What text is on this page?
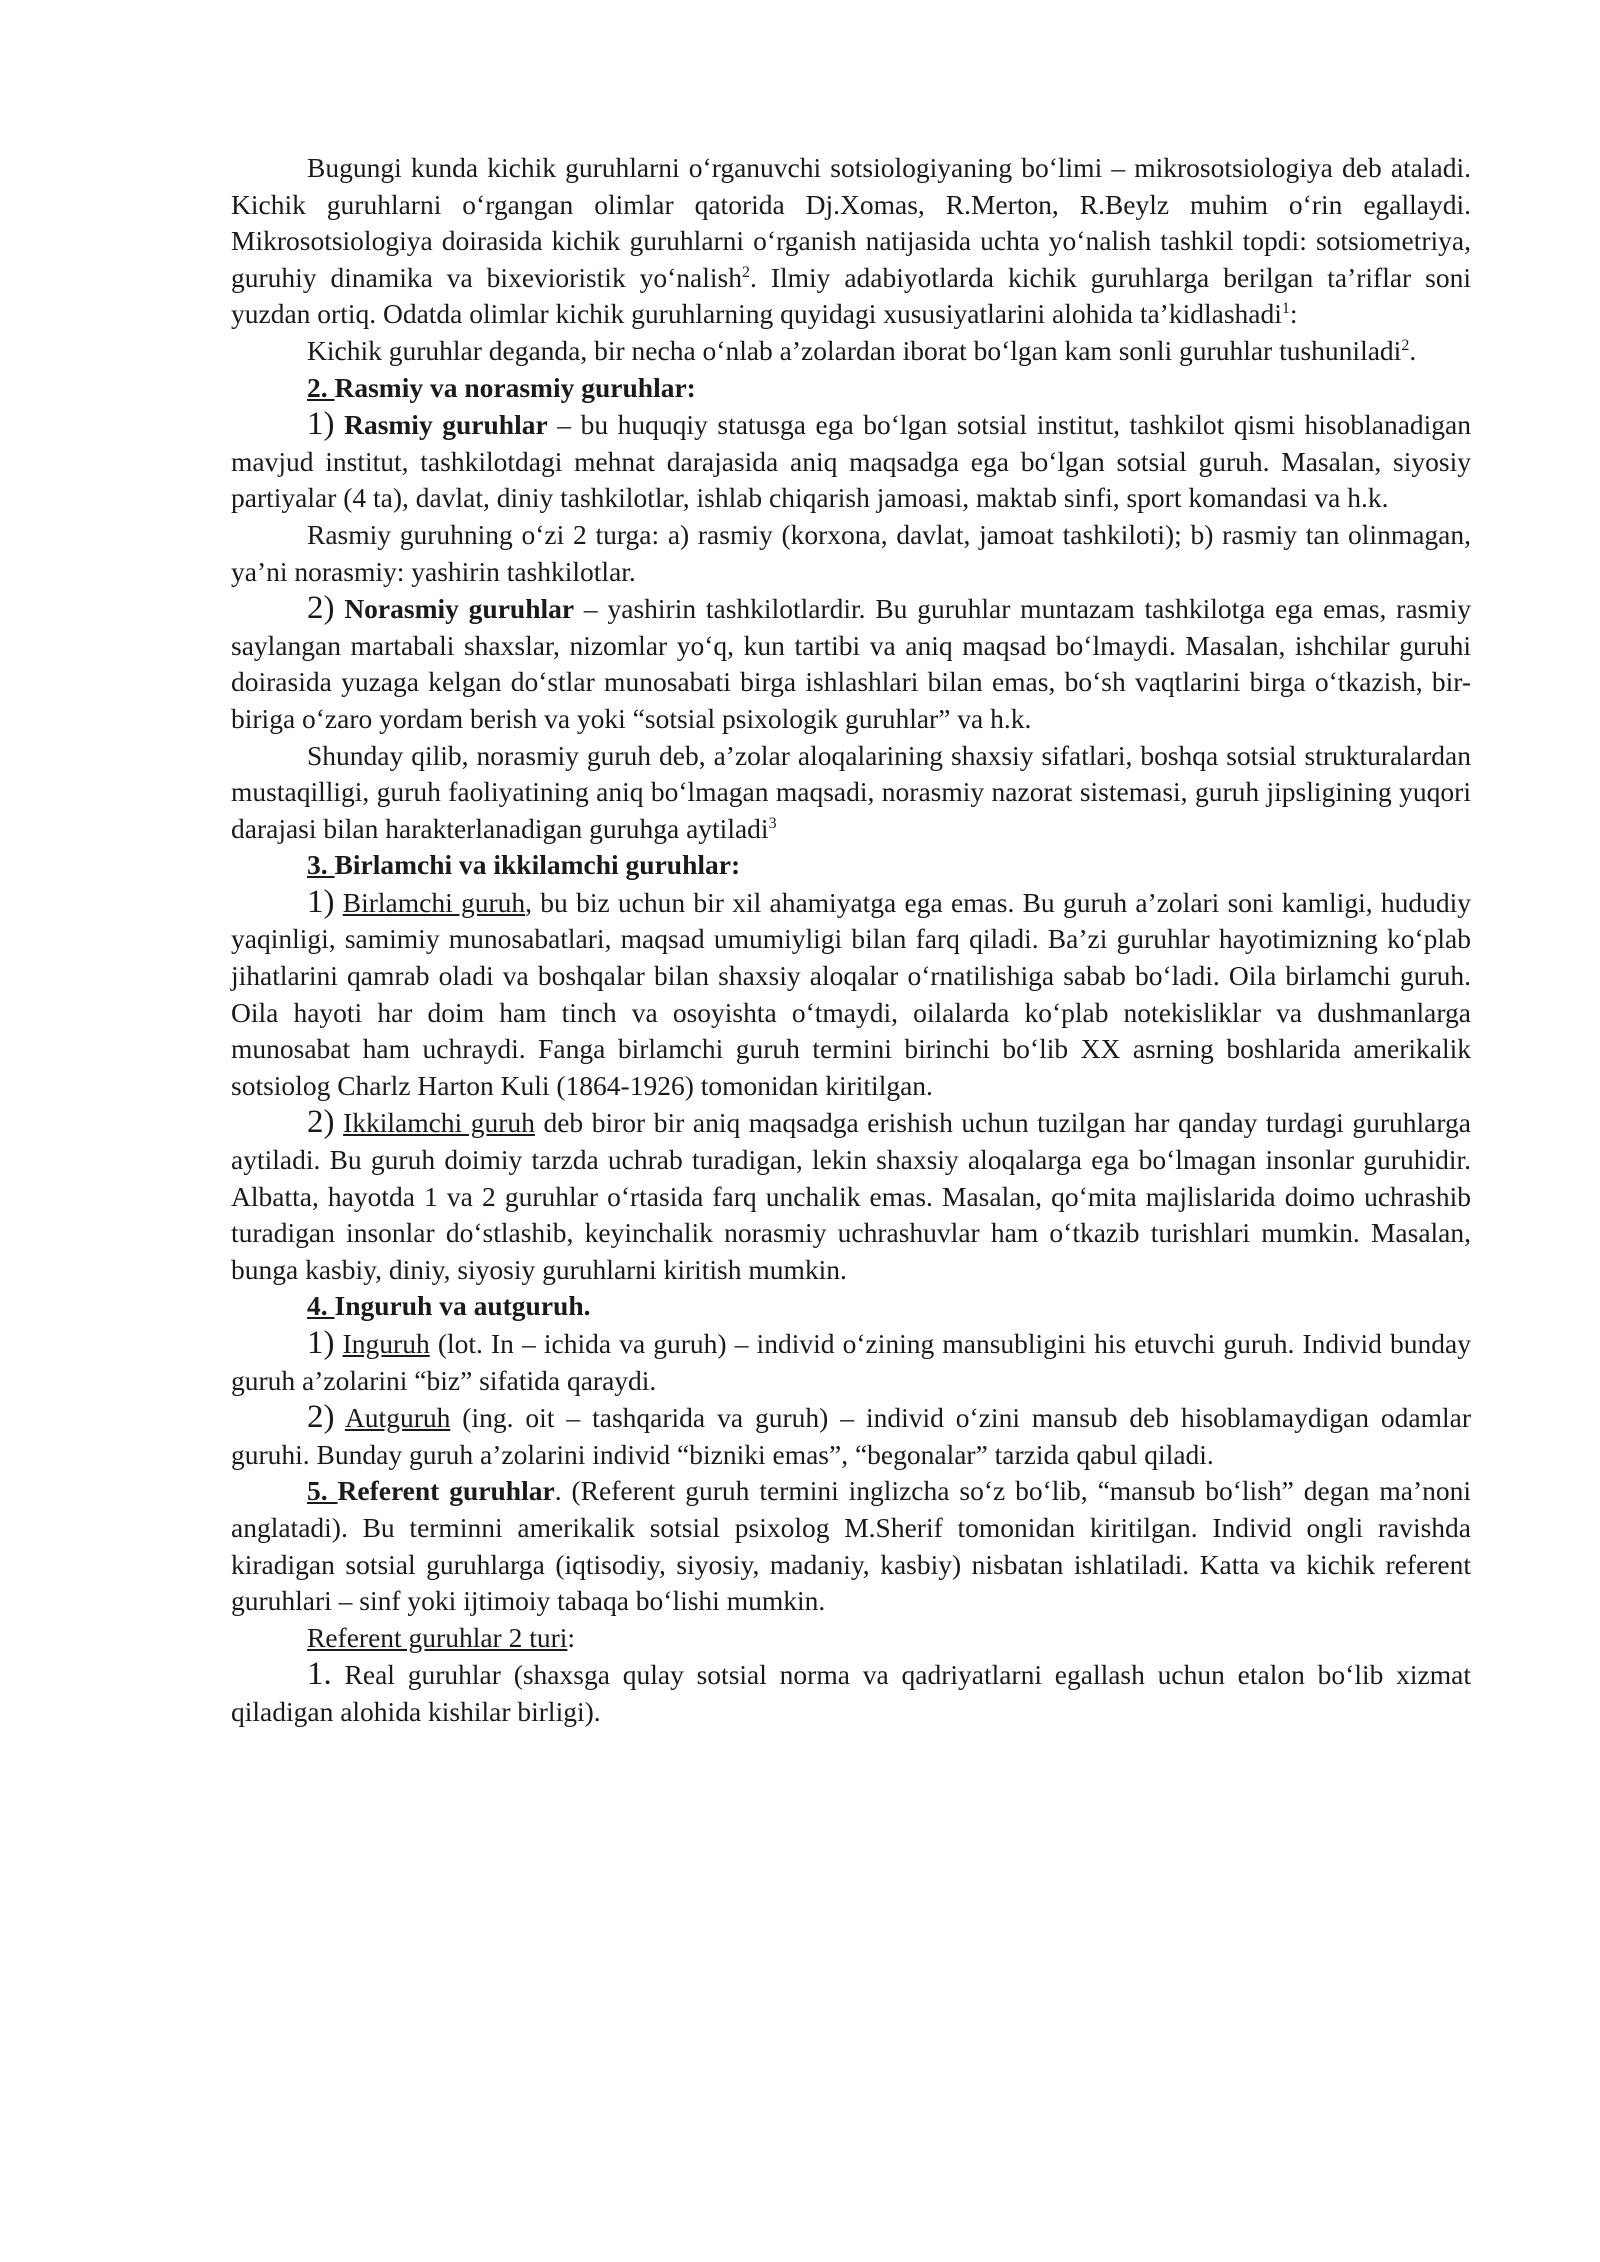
Bugungi kunda kichik guruhlarni o‘rganuvchi sotsiologiyaning bo‘limi – mikrosotsiologiya deb ataladi. Kichik guruhlarni o‘rgangan olimlar qatorida Dj.Xomas, R.Merton, R.Beylz muhim o‘rin egallaydi. Mikrosotsiologiya doirasida kichik guruhlarni o‘rganish natijasida uchta yo‘nalish tashkil topdi: sotsiometriya, guruhiy dinamika va bixevioristik yo‘nalish$^2$. Ilmiy adabiyotlarda kichik guruhlarga berilgan ta’riflar soni yuzdan ortiq. Odatda olimlar kichik guruhlarning quyidagi xususiyatlarini alohida ta’kidlashadi$^1$:

Kichik guruhlar deganda, bir necha o‘nlab a’zolardan iborat bo‘lgan kam sonli guruhlar tushuniladi$^2$.

2. Rasmiy va norasmiy guruhlar:

1) Rasmiy guruhlar – bu huquqiy statusga ega bo‘lgan sotsial institut, tashkilot qismi hisoblanadigan mavjud institut, tashkilotdagi mehnat darajasida aniq maqsadga ega bo‘lgan sotsial guruh. Masalan, siyosiy partiyalar (4 ta), davlat, diniy tashkilotlar, ishlab chiqarish jamoasi, maktab sinfi, sport komandasi va h.k.

Rasmiy guruhning o‘zi 2 turga: a) rasmiy (korxona, davlat, jamoat tashkiloti); b) rasmiy tan olinmagan, ya’ni norasmiy: yashirin tashkilotlar.

2) Norasmiy guruhlar – yashirin tashkilotlardir. Bu guruhlar muntazam tashkilotga ega emas, rasmiy saylangan martabali shaxslar, nizomlar yo‘q, kun tartibi va aniq maqsad bo‘lmaydi. Masalan, ishchilar guruhi doirasida yuzaga kelgan do‘stlar munosabati birga ishlashlari bilan emas, bo‘sh vaqtlarini birga o‘tkazish, bir-biriga o‘zaro yordam berish va yoki “sotsial psixologik guruhlar” va h.k.

Shunday qilib, norasmiy guruh deb, a’zolar aloqalarining shaxsiy sifatlari, boshqa sotsial strukturalardan mustaqilligi, guruh faoliyatining aniq bo‘lmagan maqsadi, norasmiy nazorat sistemasi, guruh jipsligining yuqori darajasi bilan harakterlanadigan guruhga aytiladi$^3$

3. Birlamchi va ikkilamchi guruhlar:

1) Birlamchi guruh, bu biz uchun bir xil ahamiyatga ega emas. Bu guruh a’zolari soni kamligi, hududiy yaqinligi, samimiy munosabatlari, maqsad umumiyligi bilan farq qiladi. Ba’zi guruhlar hayotimizning ko‘plab jihatlarini qamrab oladi va boshqalar bilan shaxsiy aloqalar o‘rnatilishiga sabab bo‘ladi. Oila birlamchi guruh. Oila hayoti har doim ham tinch va osoyishta o‘tmaydi, oilalarda ko‘plab notekisliklar va dushmanlarga munosabat ham uchraydi. Fanga birlamchi guruh termini birinchi bo‘lib XX asrning boshlarida amerikalik sotsiolog Charlz Harton Kuli (1864-1926) tomonidan kiritilgan.

2) Ikkilamchi guruh deb biror bir aniq maqsadga erishish uchun tuzilgan har qanday turdagi guruhlarga aytiladi. Bu guruh doimiy tarzda uchrab turadigan, lekin shaxsiy aloqalarga ega bo‘lmagan insonlar guruhidir. Albatta, hayotda 1 va 2 guruhlar o‘rtasida farq unchalik emas. Masalan, qo‘mita majlislarida doimo uchrashib turadigan insonlar do‘stlashib, keyinchalik norasmiy uchrashuvlar ham o‘tkazib turishlari mumkin. Masalan, bunga kasbiy, diniy, siyosiy guruhlarni kiritish mumkin.

4. Inguruh va autguruh.

1) Inguruh (lot. In – ichida va guruh) – individ o‘zining mansubligini his etuvchi guruh. Individ bunday guruh a’zolarini “biz” sifatida qaraydi.

2) Autguruh (ing. oit – tashqarida va guruh) – individ o‘zini mansub deb hisoblamaydigan odamlar guruhi. Bunday guruh a’zolarini individ “bizniki emas”, “begonalar” tarzida qabul qiladi.

5. Referent guruhlar. (Referent guruh termini inglizcha so‘z bo‘lib, “mansub bo‘lish” degan ma’noni anglatadi). Bu terminni amerikalik sotsial psixolog M.Sherif tomonidan kiritilgan. Individ ongli ravishda kiradigan sotsial guruhlarga (iqtisodiy, siyosiy, madaniy, kasbiy) nisbatan ishlatiladi. Katta va kichik referent guruhlari – sinf yoki ijtimoiy tabaqa bo‘lishi mumkin.

Referent guruhlar 2 turi:

1. Real guruhlar (shaxsga qulay sotsial norma va qadriyatlarni egallash uchun etalon bo‘lib xizmat qiladigan alohida kishilar birligi).
